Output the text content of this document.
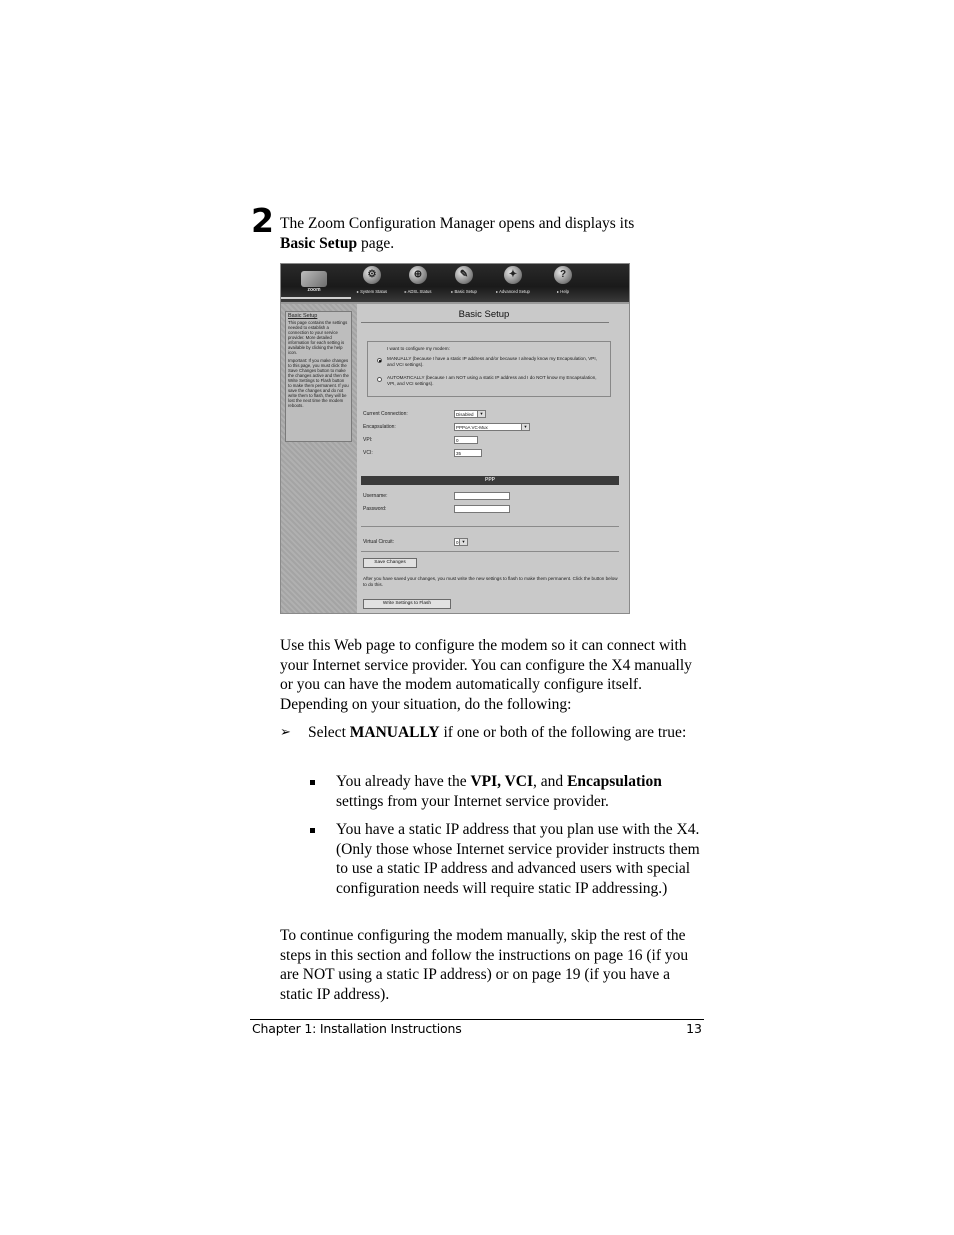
2 The Zoom Configuration Manager opens and displays its
Basic Setup page.
zoom
⚙
▸ System Status
⊕
▸ ADSL Status
✎
▸ Basic Setup
✦
▸ Advanced Setup
?
▸ Help
Basic Setup

This page contains the settings needed to establish a connection to your service provider. More detailed information for each setting is available by clicking the help icon.

Important: If you make changes to this page, you must click the Save Changes button to make the changes active and then the Write Settings to Flash button to make them permanent. If you save the changes and do not write them to flash, they will be lost the next time the modem reboots.

Basic Setup
I want to configure my modem:
MANUALLY (because I have a static IP address and/or because I already know my Encapsulation, VPI, and VCI settings).
AUTOMATICALLY (because I am NOT using a static IP address and I do NOT know my Encapsulation, VPI, and VCI settings).
Current Connection:	Disabled	▼
Encapsulation:	PPPoA VC-Mux	▼
VPI:	0
VCI:	35
PPP
Username:
Password:
Virtual Circuit:	0 ▼
Save Changes
After you have saved your changes, you must write the new settings to flash to make them permanent. Click the button below to do this.
Write Settings to Flash

Use this Web page to configure the modem so it can connect with your Internet service provider. You can configure the X4 manually or you can have the modem automatically configure itself. Depending on your situation, do the following:

➢ Select MANUALLY if one or both of the following are true:
You already have the VPI, VCI, and Encapsulation settings from your Internet service provider.
You have a static IP address that you plan use with the X4. (Only those whose Internet service provider instructs them to use a static IP address and advanced users with special configuration needs will require static IP addressing.)
To continue configuring the modem manually, skip the rest of the steps in this section and follow the instructions on page 16 (if you are NOT using a static IP address) or on page 19 (if you have a static IP address).
Chapter 1: Installation Instructions	13
